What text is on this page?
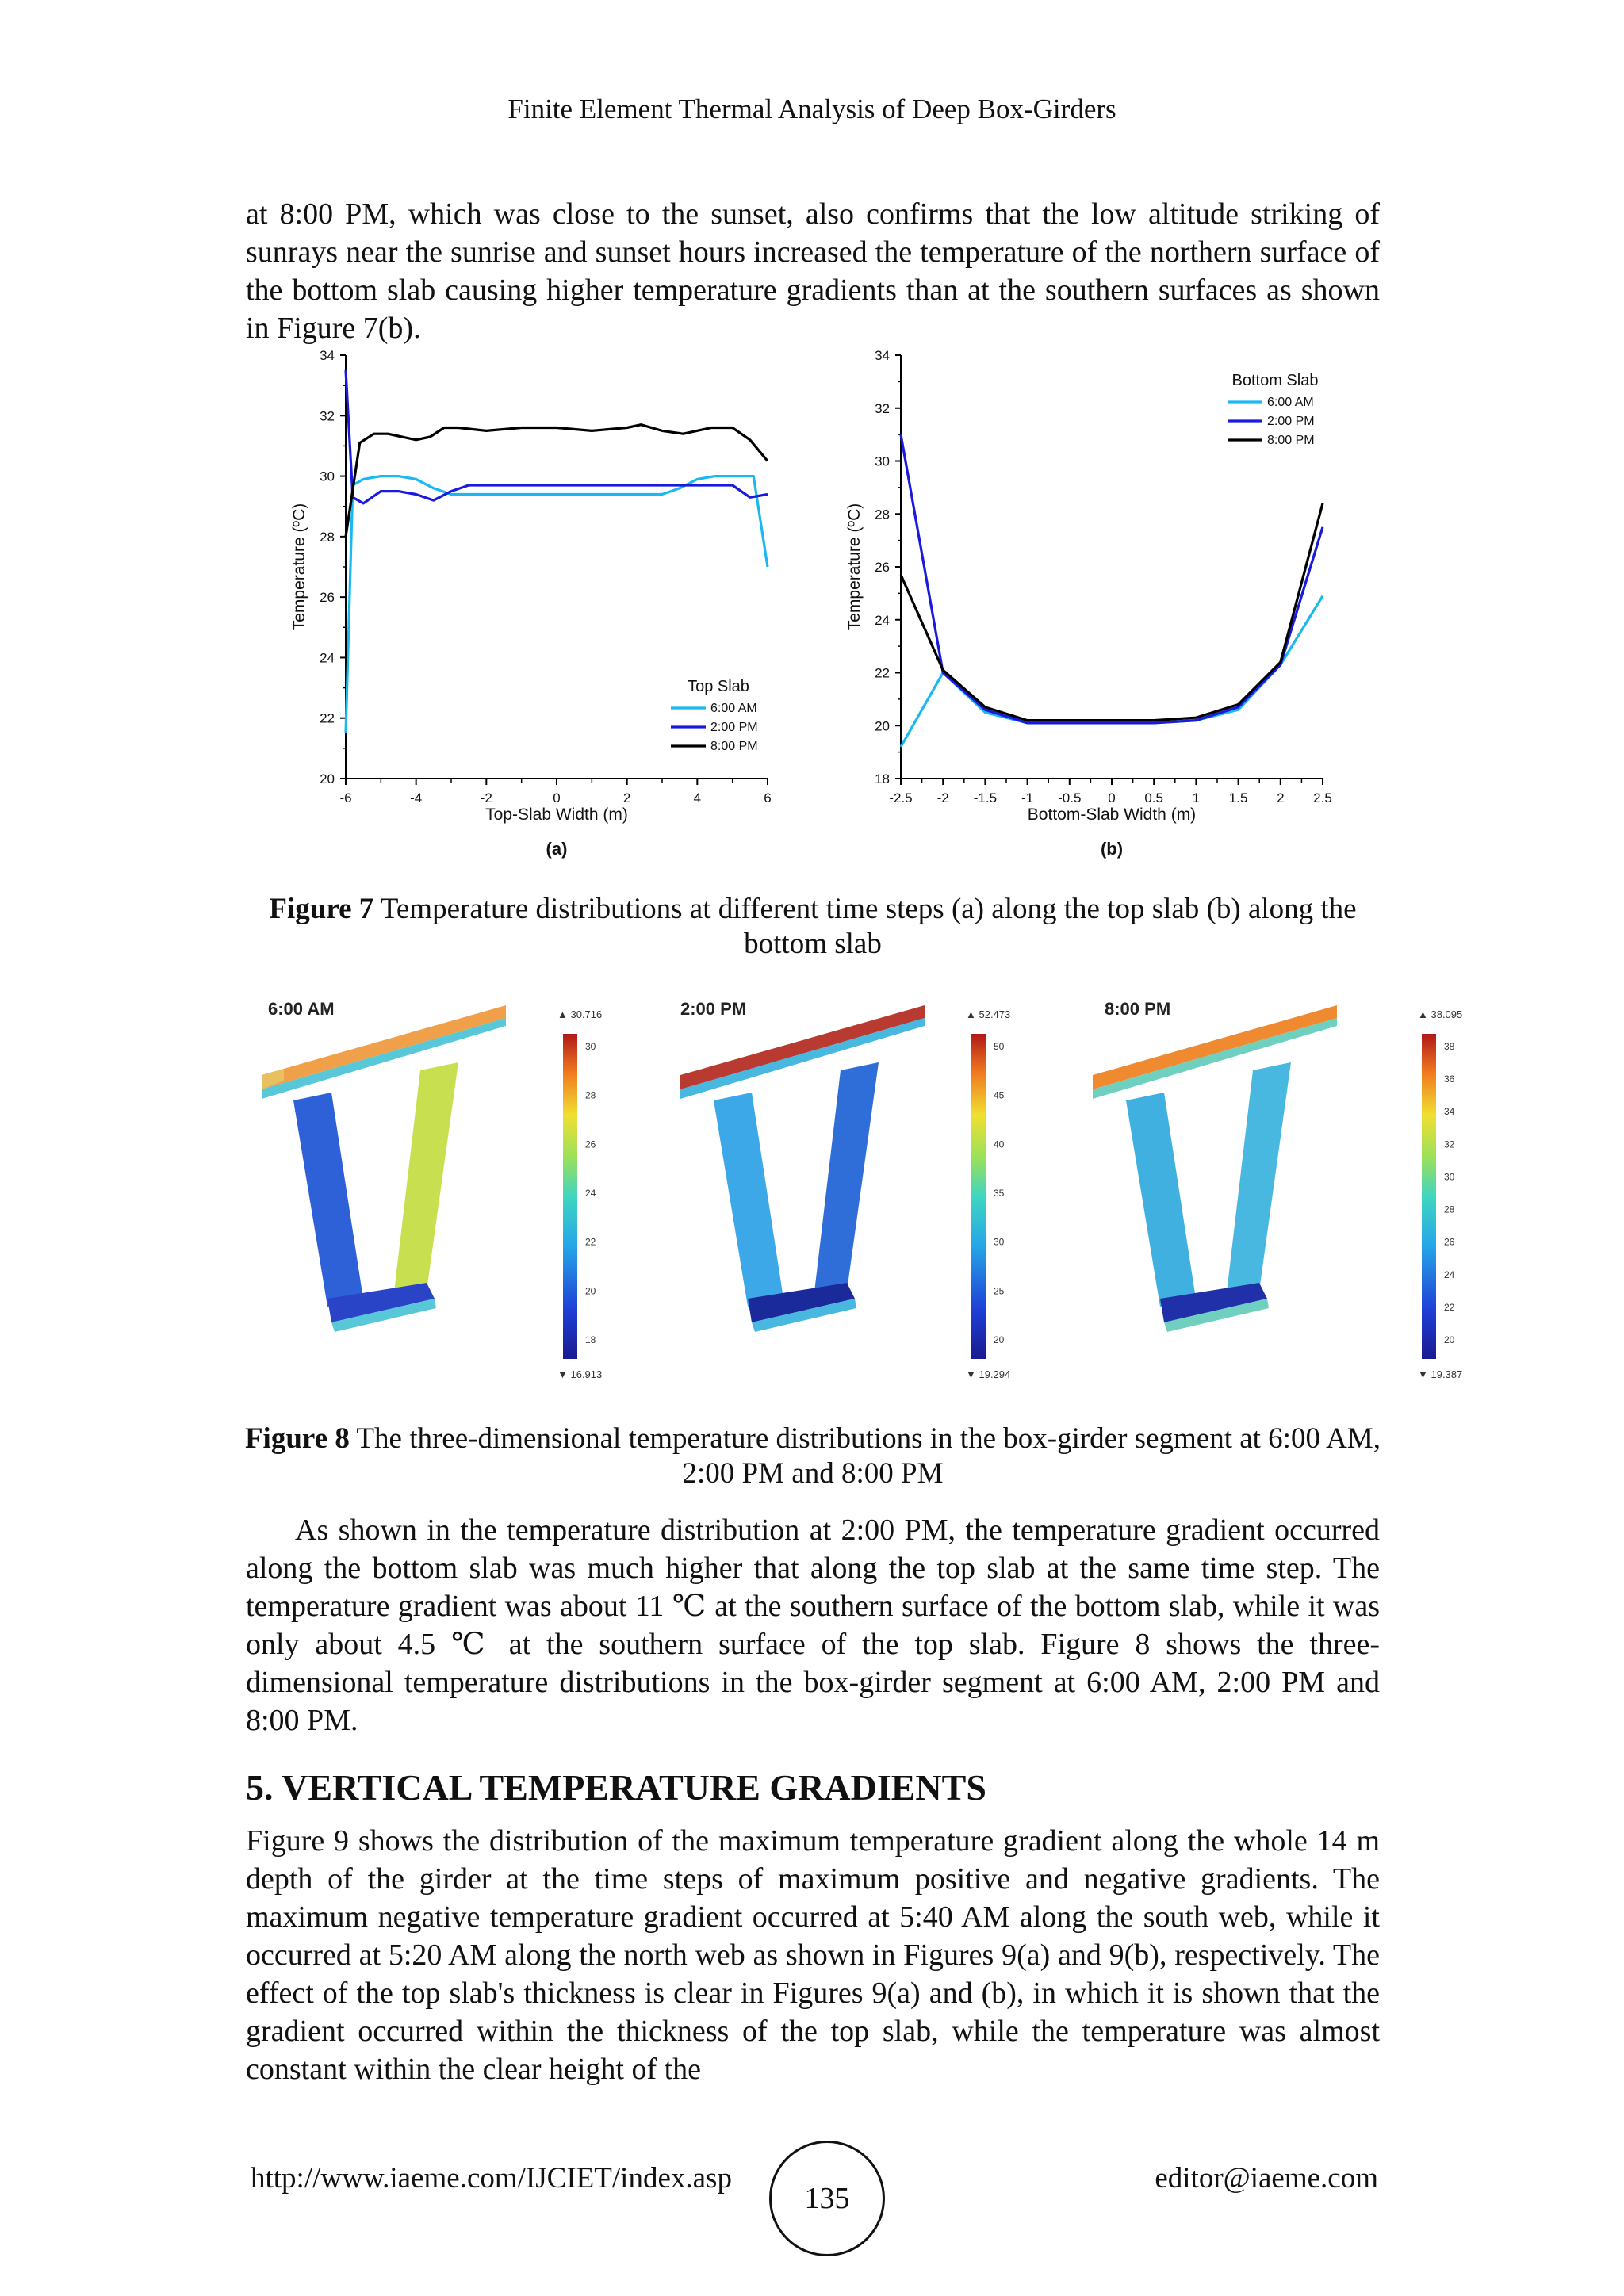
Finite Element Thermal Analysis of Deep Box-Girders

at 8:00 PM, which was close to the sunset, also confirms that the low altitude striking of sunrays near the sunrise and sunset hours increased the temperature of the northern surface of the bottom slab causing higher temperature gradients than at the southern surfaces as shown in Figure 7(b).

20
22
24
26
28
30
32
34
-6	-4	-2	0	2	4	6
Top-Slab Width (m)
Temperature (ºC)
(a)
Top Slab
6:00 AM
2:00 PM
8:00 PM
18
20
22
24
26
28
30
32
34
-2.5 -2 -1.5 -1 -0.5 0 0.5 1 1.5 2 2.5
Bottom-Slab Width (m)
Temperature (ºC)
(b)
Bottom Slab
6:00 AM
2:00 PM
8:00 PM
Figure 7 Temperature distributions at different time steps (a) along the top slab (b) along the bottom slab
6:00 AM	▲ 30.716
30
28
26
24
22
20
18
▼ 16.913
2:00 PM	▲ 52.473
50
45
40
35
30
25
20
▼ 19.294
8:00 PM	▲ 38.095
38
36
34
32
30
28
26
24
22
20
▼ 19.387
Figure 8 The three-dimensional temperature distributions in the box-girder segment at 6:00 AM, 2:00 PM and 8:00 PM

As shown in the temperature distribution at 2:00 PM, the temperature gradient occurred along the bottom slab was much higher that along the top slab at the same time step. The temperature gradient was about 11 ℃ at the southern surface of the bottom slab, while it was only about 4.5 ℃ at the southern surface of the top slab. Figure 8 shows the three-dimensional temperature distributions in the box-girder segment at 6:00 AM, 2:00 PM and 8:00 PM.

5. VERTICAL TEMPERATURE GRADIENTS

Figure 9 shows the distribution of the maximum temperature gradient along the whole 14 m depth of the girder at the time steps of maximum positive and negative gradients. The maximum negative temperature gradient occurred at 5:40 AM along the south web, while it occurred at 5:20 AM along the north web as shown in Figures 9(a) and 9(b), respectively. The effect of the top slab's thickness is clear in Figures 9(a) and (b), in which it is shown that the gradient occurred within the thickness of the top slab, while the temperature was almost constant within the clear height of the

http://www.iaeme.com/IJCIET/index.asp
135
editor@iaeme.com
